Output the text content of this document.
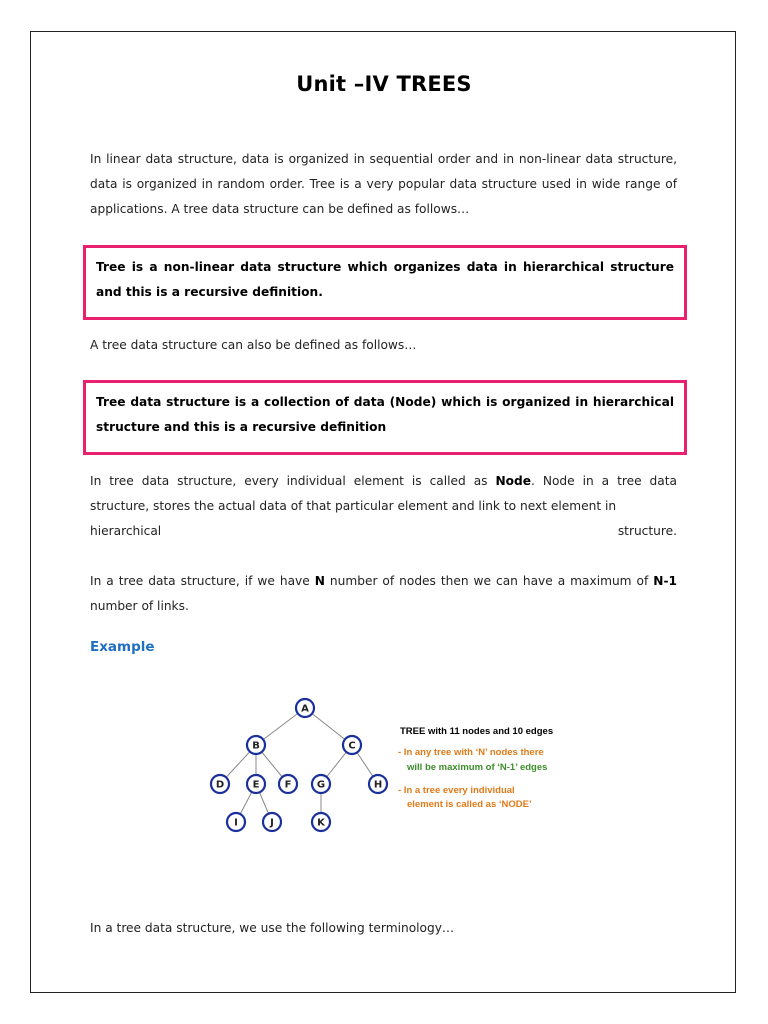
Unit –IV TREES
In linear data structure, data is organized in sequential order and in non-linear data structure, data is organized in random order. Tree is a very popular data structure used in wide range of applications. A tree data structure can be defined as follows…
Tree is a non-linear data structure which organizes data in hierarchical structure and this is a recursive definition.
A tree data structure can also be defined as follows…
Tree data structure is a collection of data (Node) which is organized in hierarchical structure and this is a recursive definition
In tree data structure, every individual element is called as Node. Node in a tree data structure, stores the actual data of that particular element and link to next element in
hierarchical	structure.
In a tree data structure, if we have N number of nodes then we can have a maximum of N-1 number of links.
Example
A
B	C
D	E	F	G	H
I	J	K
TREE with 11 nodes and 10 edges
- In any tree with ‘N’ nodes there
will be maximum of ‘N-1’ edges
- In a tree every individual
element is called as ‘NODE’
In a tree data structure, we use the following terminology…
